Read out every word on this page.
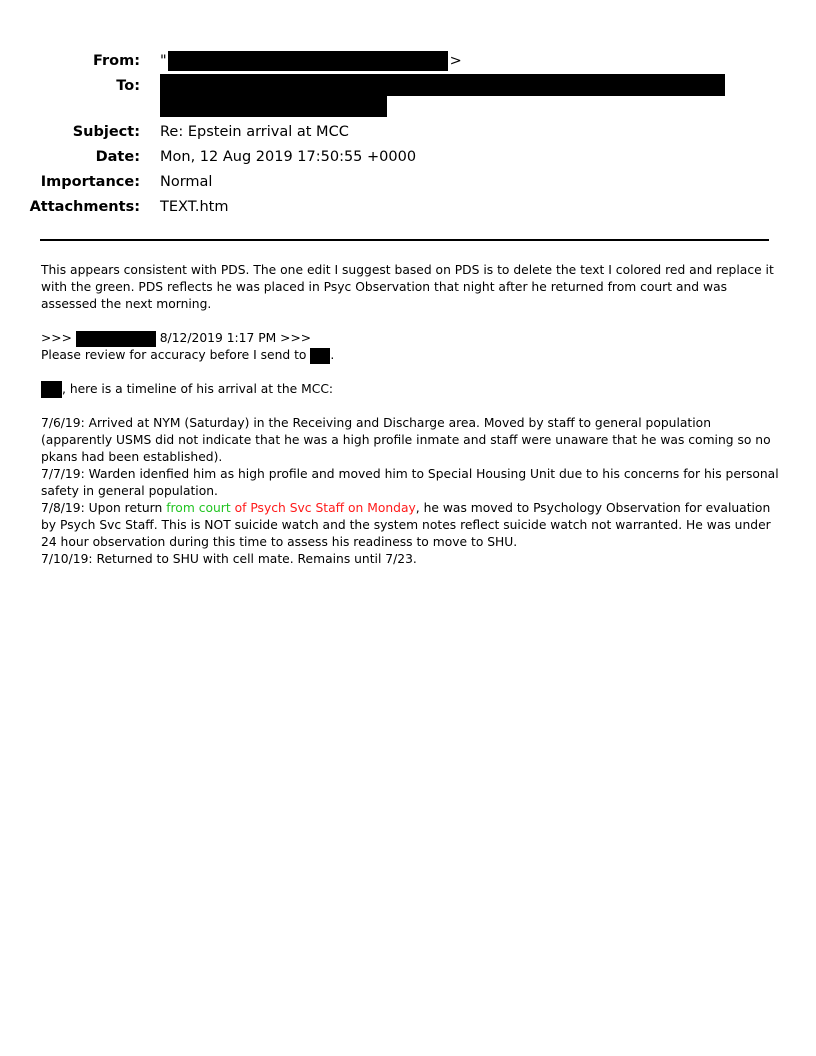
From: "	>
To:
Subject: Re: Epstein arrival at MCC
Date: Mon, 12 Aug 2019 17:50:55 +0000
Importance: Normal
Attachments: TEXT.htm

This appears consistent with PDS. The one edit I suggest based on PDS is to delete the text I colored red and replace it with the green. PDS reflects he was placed in Psyc Observation that night after he returned from court and was assessed the next morning.

>>>	8/12/2019 1:17 PM >>>

Please review for accuracy before I send to .

, here is a timeline of his arrival at the MCC:

7/6/19: Arrived at NYM (Saturday) in the Receiving and Discharge area. Moved by staff to general population (apparently USMS did not indicate that he was a high profile inmate and staff were unaware that he was coming so no pkans had been established).

7/7/19: Warden idenfied him as high profile and moved him to Special Housing Unit due to his concerns for his personal safety in general population.

7/8/19: Upon return from court of Psych Svc Staff on Monday, he was moved to Psychology Observation for evaluation by Psych Svc Staff. This is NOT suicide watch and the system notes reflect suicide watch not warranted. He was under 24 hour observation during this time to assess his readiness to move to SHU.

7/10/19: Returned to SHU with cell mate. Remains until 7/23.
